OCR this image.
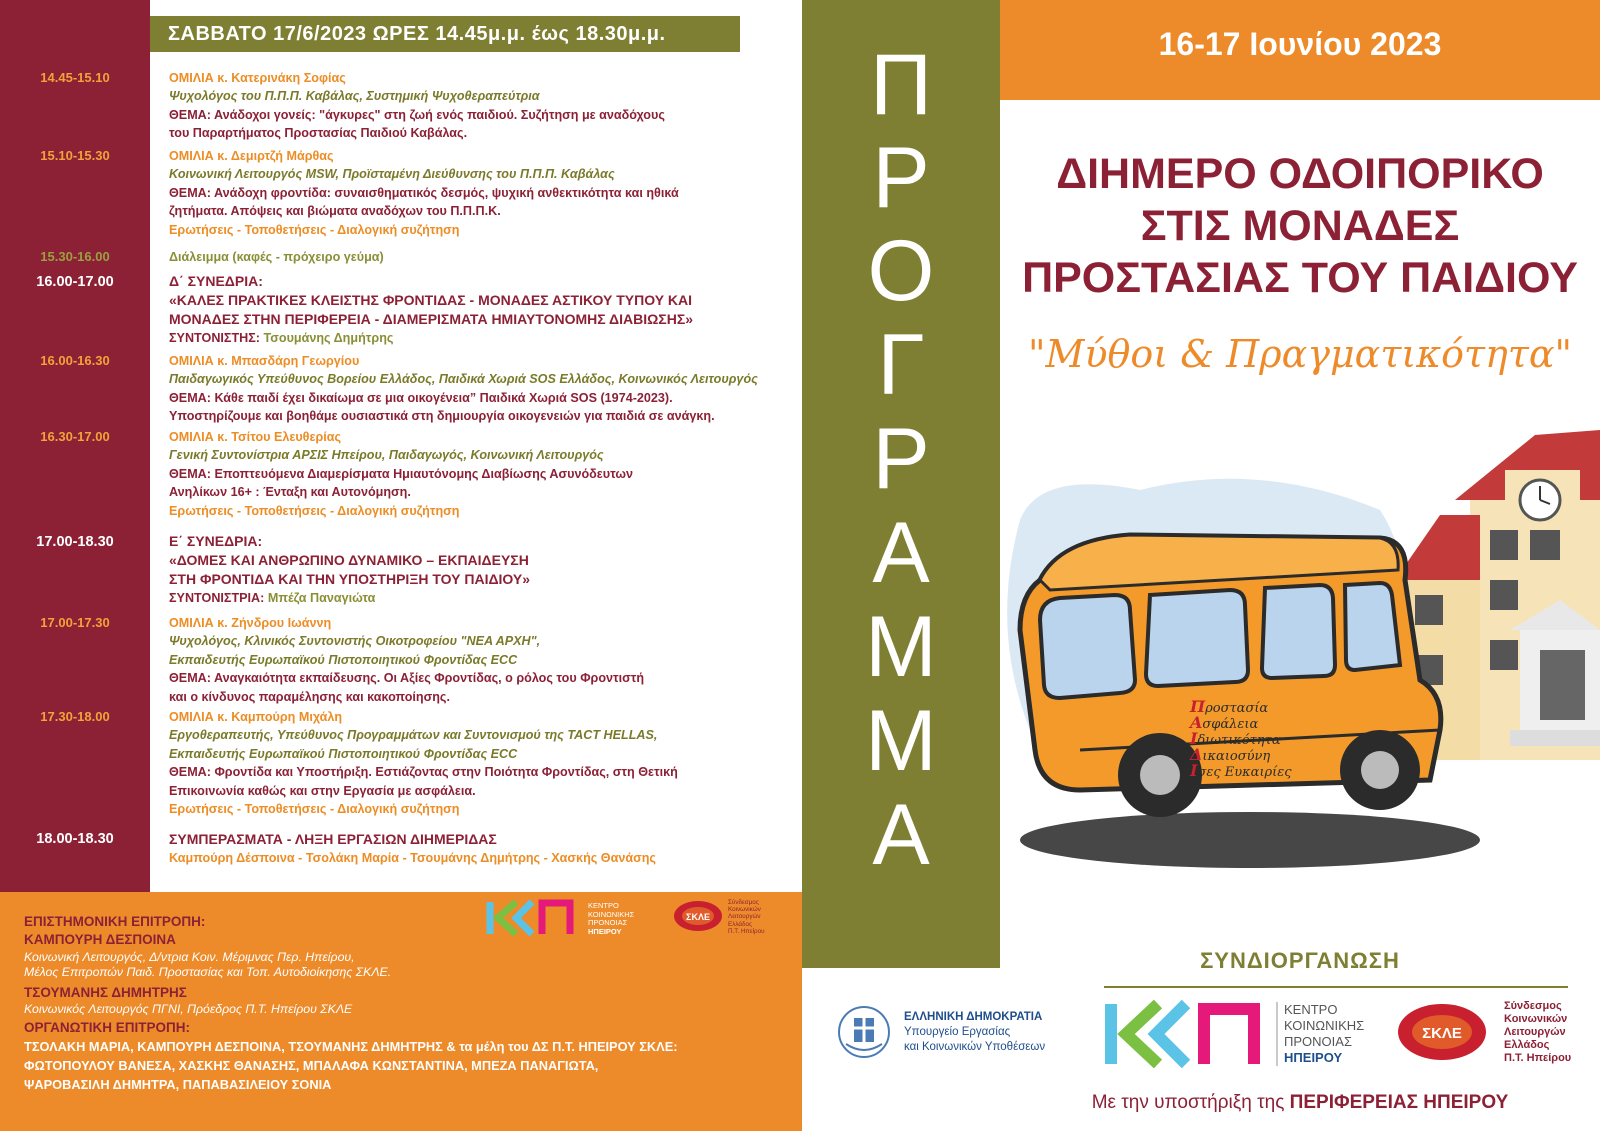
ΣΑΒΒΑΤΟ 17/6/2023 ΩΡΕΣ 14.45μ.μ. έως 18.30μ.μ.
14.45-15.10	ΟΜΙΛΙΑ κ. Κατερινάκη Σοφίας
Ψυχολόγος του Π.Π.Π. Καβάλας, Συστημική Ψυχοθεραπεύτρια
ΘΕΜΑ: Ανάδοχοι γονείς: "άγκυρες" στη ζωή ενός παιδιού. Συζήτηση με αναδόχους
του Παραρτήματος Προστασίας Παιδιού Καβάλας.
15.10-15.30	ΟΜΙΛΙΑ κ. Δεμιρτζή Μάρθας
Κοινωνική Λειτουργός MSW, Προϊσταμένη Διεύθυνσης του Π.Π.Π. Καβάλας
ΘΕΜΑ: Ανάδοχη φροντίδα: συναισθηματικός δεσμός, ψυχική ανθεκτικότητα και ηθικά
ζητήματα. Απόψεις και βιώματα αναδόχων του Π.Π.Π.Κ.
Ερωτήσεις - Τοποθετήσεις - Διαλογική συζήτηση
15.30-16.00	Διάλειμμα (καφές - πρόχειρο γεύμα)
16.00-17.00	Δ΄ ΣΥΝΕΔΡΙΑ:
«ΚΑΛΕΣ ΠΡΑΚΤΙΚΕΣ ΚΛΕΙΣΤΗΣ ΦΡΟΝΤΙΔΑΣ - ΜΟΝΑΔΕΣ ΑΣΤΙΚΟΥ ΤΥΠΟΥ ΚΑΙ
ΜΟΝΑΔΕΣ ΣΤΗΝ ΠΕΡΙΦΕΡΕΙΑ - ΔΙΑΜΕΡΙΣΜΑΤΑ ΗΜΙΑΥΤΟΝΟΜΗΣ ΔΙΑΒΙΩΣΗΣ»
ΣΥΝΤΟΝΙΣΤΗΣ: Τσουμάνης Δημήτρης
16.00-16.30	ΟΜΙΛΙΑ κ. Μπασδάρη Γεωργίου
Παιδαγωγικός Υπεύθυνος Βορείου Ελλάδος, Παιδικά Χωριά SOS Ελλάδος, Κοινωνικός Λειτουργός
ΘΕΜΑ: Κάθε παιδί έχει δικαίωμα σε μια οικογένεια” Παιδικά Χωριά SOS (1974-2023).
Υποστηρίζουμε και βοηθάμε ουσιαστικά στη δημιουργία οικογενειών για παιδιά σε ανάγκη.
16.30-17.00	ΟΜΙΛΙΑ κ. Τσίτου Ελευθερίας
Γενική Συντονίστρια ΑΡΣΙΣ Ηπείρου, Παιδαγωγός, Κοινωνική Λειτουργός
ΘΕΜΑ: Εποπτευόμενα Διαμερίσματα Ημιαυτόνομης Διαβίωσης Ασυνόδευτων
Ανηλίκων 16+ : Ένταξη και Αυτονόμηση.
Ερωτήσεις - Τοποθετήσεις - Διαλογική συζήτηση
17.00-18.30	Ε΄ ΣΥΝΕΔΡΙΑ:
«ΔΟΜΕΣ ΚΑΙ ΑΝΘΡΩΠΙΝΟ ΔΥΝΑΜΙΚΟ – ΕΚΠΑΙΔΕΥΣΗ
ΣΤΗ ΦΡΟΝΤΙΔΑ ΚΑΙ ΤΗΝ ΥΠΟΣΤΗΡΙΞΗ ΤΟΥ ΠΑΙΔΙΟΥ»
ΣΥΝΤΟΝΙΣΤΡΙΑ: Μπέζα Παναγιώτα
17.00-17.30	ΟΜΙΛΙΑ κ. Ζήνδρου Ιωάννη
Ψυχολόγος, Κλινικός Συντονιστής Οικοτροφείου "ΝΕΑ ΑΡΧΗ",
Εκπαιδευτής Ευρωπαϊκού Πιστοποιητικού Φροντίδας ECC
ΘΕΜΑ: Αναγκαιότητα εκπαίδευσης. Οι Αξίες Φροντίδας, ο ρόλος του Φροντιστή
και ο κίνδυνος παραμέλησης και κακοποίησης.
17.30-18.00	ΟΜΙΛΙΑ κ. Καμπούρη Μιχάλη
Εργοθεραπευτής, Υπεύθυνος Προγραμμάτων και Συντονισμού της TACT HELLAS,
Εκπαιδευτής Ευρωπαϊκού Πιστοποιητικού Φροντίδας ECC
ΘΕΜΑ: Φροντίδα και Υποστήριξη. Εστιάζοντας στην Ποιότητα Φροντίδας, στη Θετική
Επικοινωνία καθώς και στην Εργασία με ασφάλεια.
Ερωτήσεις - Τοποθετήσεις - Διαλογική συζήτηση
18.00-18.30	ΣΥΜΠΕΡΑΣΜΑΤΑ - ΛΗΞΗ ΕΡΓΑΣΙΩΝ ΔΙΗΜΕΡΙΔΑΣ
Καμπούρη Δέσποινα - Τσολάκη Μαρία - Τσουμάνης Δημήτρης - Χασκής Θανάσης
ΕΠΙΣΤΗΜΟΝΙΚΗ ΕΠΙΤΡΟΠΗ:
ΚΑΜΠΟΥΡΗ ΔΕΣΠΟΙΝΑ
Κοινωνική Λειτουργός, Δ/ντρια Κοιν. Μέριμνας Περ. Ηπείρου,
Μέλος Επιτροπών Παιδ. Προστασίας και Τοπ. Αυτοδιοίκησης ΣΚΛΕ.
ΤΣΟΥΜΑΝΗΣ ΔΗΜΗΤΡΗΣ
Κοινωνικός Λειτουργός ΠΓΝΙ, Πρόεδρος Π.Τ. Ηπείρου ΣΚΛΕ
ΟΡΓΑΝΩΤΙΚΗ ΕΠΙΤΡΟΠΗ:
ΤΣΟΛΑΚΗ ΜΑΡΙΑ, ΚΑΜΠΟΥΡΗ ΔΕΣΠΟΙΝΑ, ΤΣΟΥΜΑΝΗΣ ΔΗΜΗΤΡΗΣ & τα μέλη του ΔΣ Π.Τ. ΗΠΕΙΡΟΥ ΣΚΛΕ:
ΦΩΤΟΠΟΥΛΟΥ ΒΑΝΕΣΑ, ΧΑΣΚΗΣ ΘΑΝΑΣΗΣ, ΜΠΑΛΑΦΑ ΚΩΝΣΤΑΝΤΙΝΑ, ΜΠΕΖΑ ΠΑΝΑΓΙΩΤΑ,
ΨΑΡΟΒΑΣΙΛΗ ΔΗΜΗΤΡΑ, ΠΑΠΑΒΑΣΙΛΕΙΟΥ ΣΟΝΙΑ
ΚΕΝΤΡΟ
ΚΟΙΝΩΝΙΚΗΣ
ΠΡΟΝΟΙΑΣ
ΗΠΕΙΡΟΥ
ΣΚΛΕ
Σύνδεσμος
Κοινωνικών
Λειτουργών
Ελλάδος
Π.Τ. Ηπείρου
Π
Ρ
Ο
Γ
Ρ
Α
Μ
Μ
Α
16-17 Ιουνίου 2023
ΔΙΗΜΕΡΟ ΟΔΟΙΠΟΡΙΚΟ
ΣΤΙΣ ΜΟΝΑΔΕΣ
ΠΡΟΣΤΑΣΙΑΣ ΤΟΥ ΠΑΙΔΙΟΥ
"Μύθοι & Πραγματικότητα"
Προστασία
Ασφάλεια
Ιδιωτικότητα
Δικαιοσύνη
Ισες Ευκαιρίες
ΣΥΝΔΙΟΡΓΑΝΩΣΗ
ΕΛΛΗΝΙΚΗ ΔΗΜΟΚΡΑΤΙΑ
Υπουργείο Εργασίας
και Κοινωνικών Υποθέσεων
ΚΕΝΤΡΟ
ΚΟΙΝΩΝΙΚΗΣ
ΠΡΟΝΟΙΑΣ
ΗΠΕΙΡΟΥ
ΣΚΛΕ
Σύνδεσμος
Κοινωνικών
Λειτουργών
Ελλάδος
Π.Τ. Ηπείρου
Με την υποστήριξη της ΠΕΡΙΦΕΡΕΙΑΣ ΗΠΕΙΡΟΥ
